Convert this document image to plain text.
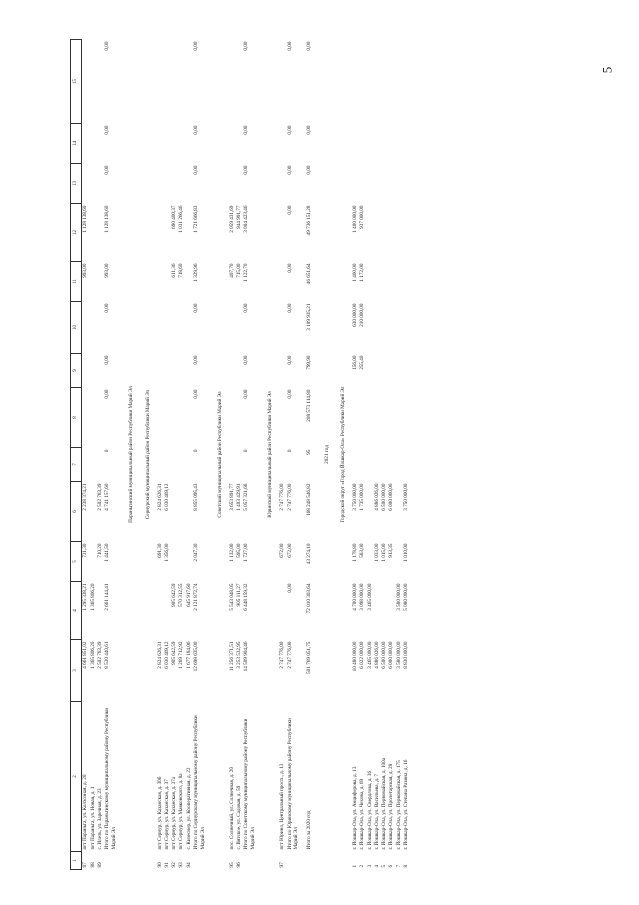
5
1	2	3	4	5	6	7	8	9	10	11	12	13	14	15
87	пгт Параньга, ул. Колхозная, д. 20	4 661 851,02	1 295 338,21	731,30	2 238 374,21					993,00	1 128 138,60			
88	пгт Параньга, ул. Новая, д. 1	1 365 806,20	1 365 806,20											
89	с. Илеть, ул. Заречная, д. 23	2 502 783,39		710,20	2 502 783,39									
	Итого по Параньгинскому муниципальному району Республики Марий Эл	8 530 440,61	2 661 144,41	1 441,50	4 741 157,60	0	0,00	0,00	0,00	993,00	1 128 138,60	0,00	0,00	0,00
Параньгинский муниципальный район Республики Марий Эл														
Сернурский муниципальный район Республики Марий Эл														
90	пгт Сернур, ул. Казанская, д. 30б	2 824 626,31		691,30	2 824 626,31									
91	пгт Сернур, ул. Казанская, д. 37	6 030 469,12		1 356,00	6 030 469,12									
92	пгт Сернур, ул. Казанская, д. 37а	905 642,59	905 642,59							611,36	690 400,37			
93	пгт Сернур, ул. Маяковского, д. 8а	1 269 712,92	570 312,55							718,60	1 031 266,46			
94	с. Кизеснер, ул. Кооперативная, д. 22	1 677 184,06	645 917,60											
	Итого по Сернурскому муниципальному району Республики Марий Эл	12 698 635,00	2 121 872,74	2 047,30	8 855 095,43	0	0,00	0,00	0,00	1 329,96	1 721 666,83	0,00	0,00	0,00
Советский муниципальный район Республики Марий Эл														
95	пос. Солнечный, ул. Солнечная, д. 20	11 256 371,51	5 543 048,05	1 132,00	3 653 891,77					407,70	2 059 431,69			
96	с. Вятское, ул. Садовая, д. 59	3 253 532,95	905 111,27	595,00	1 403 429,91					715,00	944 991,77			
	Итого по Советскому муниципальному району Республики Марий Эл	14 509 904,46	6 448 159,32	1 727,00	5 057 321,68	0	0,00	0,00	0,00	1 122,70	3 004 423,46	0,00	0,00	0,00
Юринский муниципальный район Республики Марий Эл														
97	пгт Юрино, Центральный просп., д. 13	2 747 776,00		672,00	2 747 776,00									
	Итого по Юринскому муниципальному району Республики Марий Эл	2 747 776,00	0,00	672,00	2 747 776,00	0	0,00	0,00	0,00	0,00	0,00	0,00	0,00	0,00
	Итого за 2020 год	501 769 051,75	72 010 303,64	43 274,10	168 248 546,82	95	208 573 114,80	799,90	3 109 935,21	46 651,64	49 736 151,28	0,00	0,00	0,00
2021 год														
Городской округ «Город Йошкар-Ола» Республики Марий Эл														
1	г. Йошкар-Ола, ул. Анциферова, д. 13	10 480 000,00	4 700 000,00	1 178,80	3 750 000,00			156,00	630 000,00	1 400,00	1 400 000,00			
2	г. Йошкар-Ола, ул. Чехова, д. 69	6 022 000,00	3 098 000,00	583,00	1 735 000,00			255,40	210 000,00	1 172,00	937 000,00			
3	г. Йошкар-Ола, ул. Свердлова, д. 36	3 465 000,00	3 465 000,00											
4	г. Йошкар-Ола, ул. Васильева, д. 7	4 886 026,00		1 033,00	4 886 026,00									
5	г. Йошкар-Ола, ул. Первомайская, д. 100а	6 500 000,00		1 015,00	6 500 000,00									
6	г. Йошкар-Ола, ул. Пролетарская, д. 28	6 000 000,00		913,35	6 000 000,00									
7	г. Йошкар-Ола, ул. Первомайская, д. 175	3 580 000,00	3 580 000,00											
8	г. Йошкар-Ола, ул. Степана Разина, д. 16	8 830 000,00	5 080 000,00	1 010,00	3 750 000,00									
